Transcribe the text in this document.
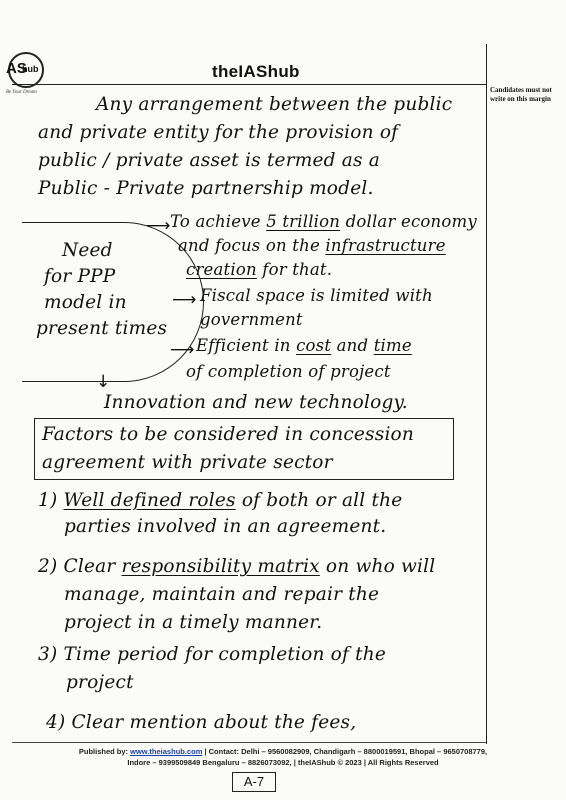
AS
hub
Be Your Dream
theIAShub
Candidates must not write on this margin
Any arrangement between the public
and private entity for the provision of
public / private asset is termed as a
Public - Private partnership model.
Need
for PPP
model in
present times
⟶ To achieve 5 trillion dollar economy
and focus on the infrastructure
creation for that.
⟶ Fiscal space is limited with
government
⟶ Efficient in cost and time
of completion of project
↓
Innovation and new technology.
Factors to be considered in concession
agreement with private sector
1) Well defined roles of both or all the
parties involved in an agreement.
2) Clear responsibility matrix on who will
manage, maintain and repair the
project in a timely manner.
3) Time period for completion of the
project
4) Clear mention about the fees,
Published by: www.theiashub.com | Contact: Delhi – 9560082909, Chandigarh – 8800019591, Bhopal – 9650708779,
Indore – 9399509849 Bengaluru – 8826073092, | theIAShub © 2023 | All Rights Reserved
A-7
